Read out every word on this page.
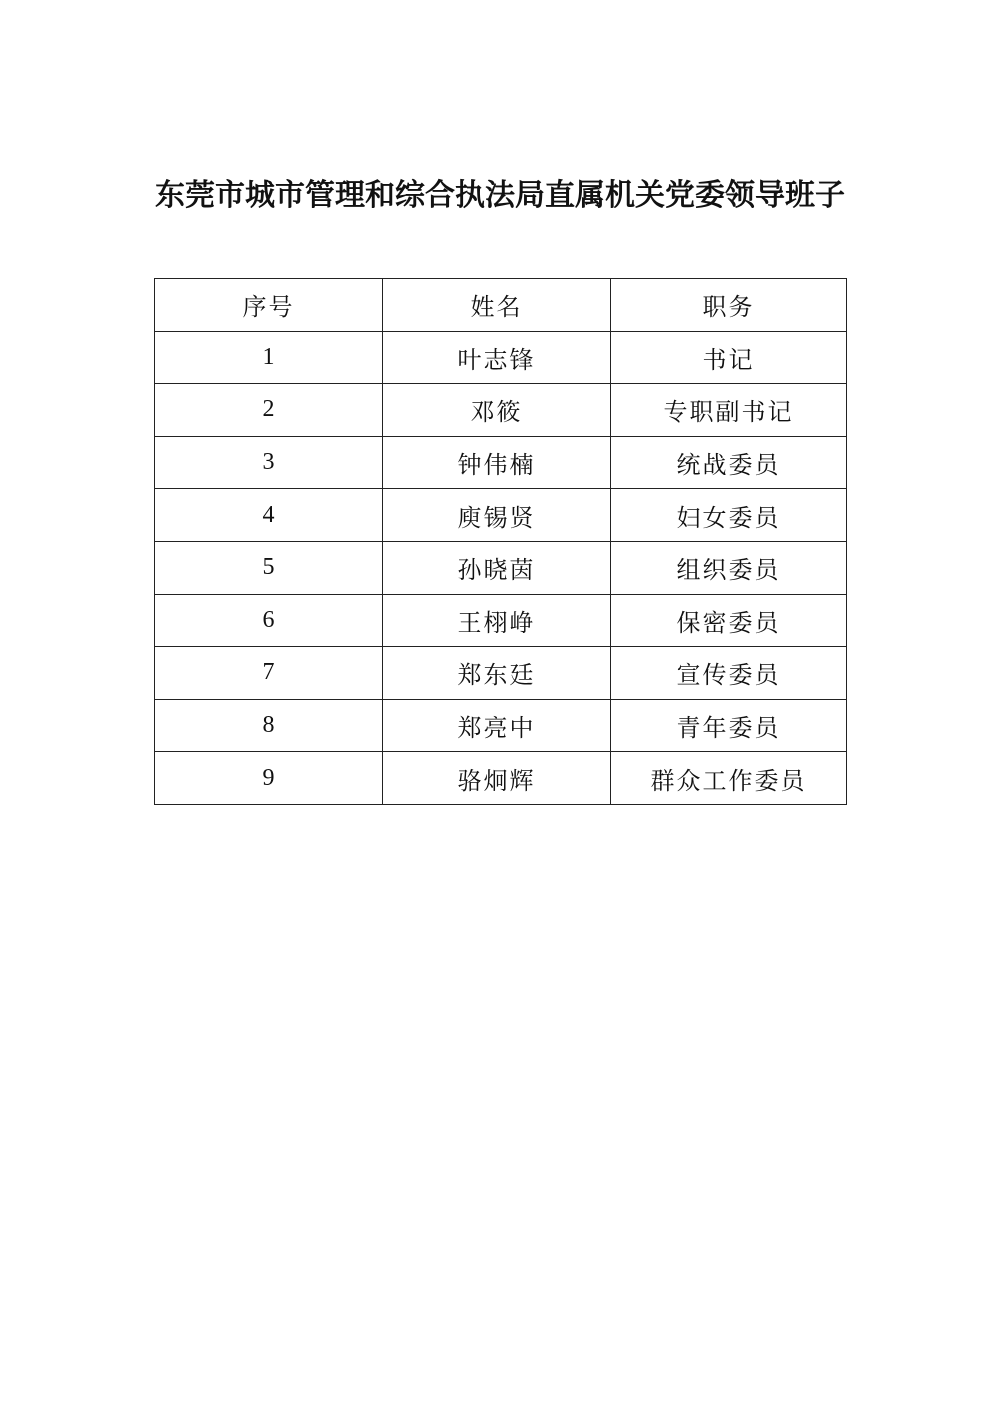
东莞市城市管理和综合执法局直属机关党委领导班子
序号	姓名	职务
1	叶志锋	书记
2	邓筱	专职副书记
3	钟伟楠	统战委员
4	庾锡贤	妇女委员
5	孙晓茵	组织委员
6	王栩峥	保密委员
7	郑东廷	宣传委员
8	郑亮中	青年委员
9	骆炯辉	群众工作委员
